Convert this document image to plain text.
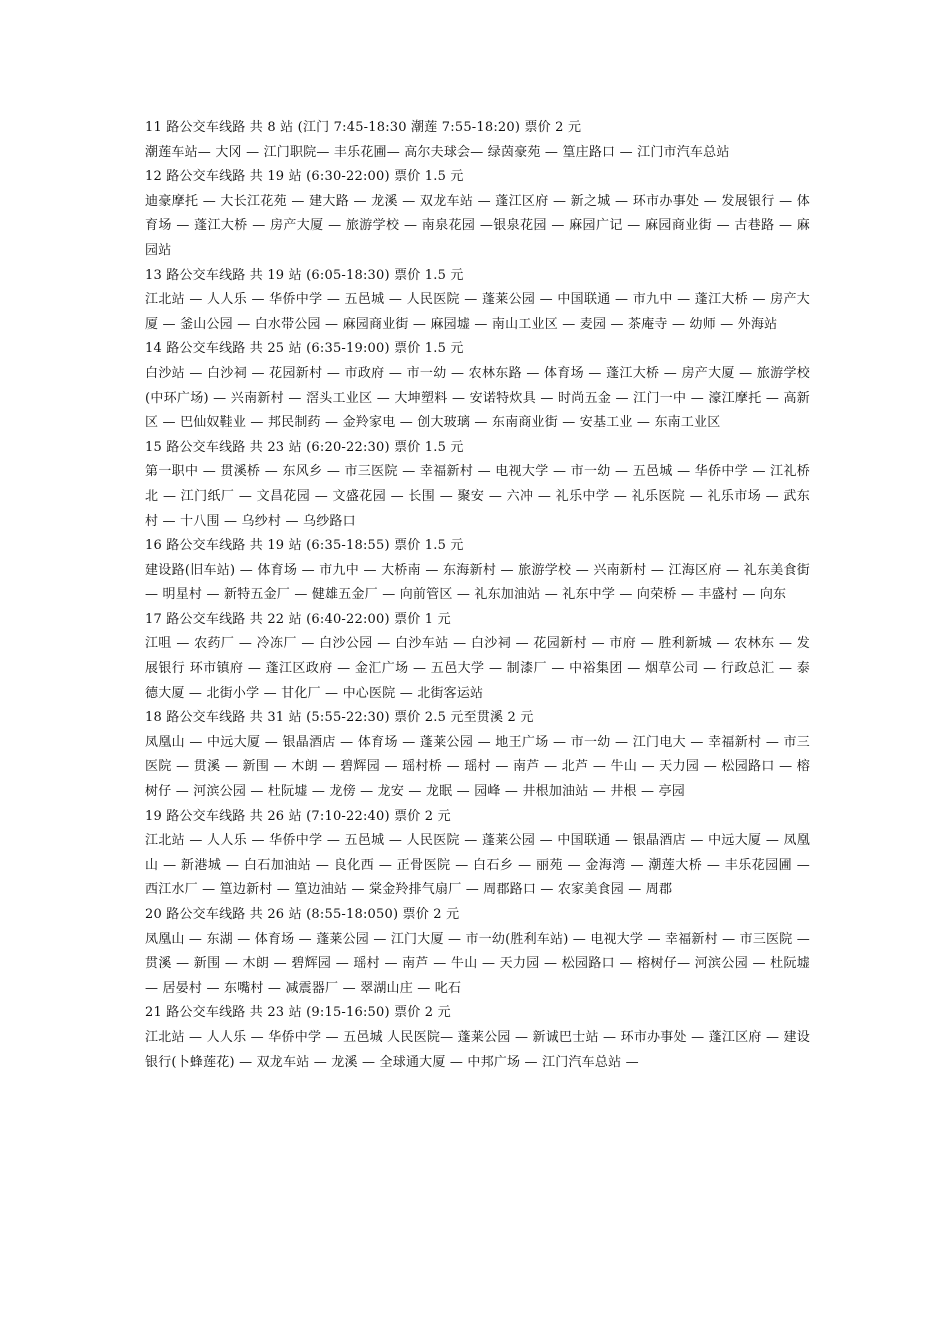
11 路公交车线路 共 8 站 (江门 7:45-18:30 潮莲 7:55-18:20) 票价 2 元

潮莲车站— 大冈 — 江门职院— 丰乐花圃— 高尔夫球会— 绿茵豪苑 — 篁庄路口 — 江门市汽车总站

12 路公交车线路 共 19 站 (6:30-22:00) 票价 1.5 元

迪豪摩托 — 大长江花苑 — 建大路 — 龙溪 — 双龙车站 — 蓬江区府 — 新之城 — 环市办事处 — 发展银行 — 体育场 — 蓬江大桥 — 房产大厦 — 旅游学校 — 南泉花园 —银泉花园 — 麻园广记 — 麻园商业街 — 古巷路 — 麻园站

13 路公交车线路 共 19 站 (6:05-18:30) 票价 1.5 元

江北站 — 人人乐 — 华侨中学 — 五邑城 — 人民医院 — 蓬莱公园 — 中国联通 — 市九中 — 蓬江大桥 — 房产大厦 — 釜山公园 — 白水带公园 — 麻园商业街 — 麻园墟 — 南山工业区 — 麦园 — 茶庵寺 — 幼师 — 外海站

14 路公交车线路 共 25 站 (6:35-19:00) 票价 1.5 元

白沙站 — 白沙祠 — 花园新村 — 市政府 — 市一幼 — 农林东路 — 体育场 — 蓬江大桥 — 房产大厦 — 旅游学校(中环广场) — 兴南新村 — 滘头工业区 — 大坤塑料 — 安诺特炊具 — 时尚五金 — 江门一中 — 濠江摩托 — 高新区 — 巴仙奴鞋业 — 邦民制药 — 金羚家电 — 创大玻璃 — 东南商业街 — 安基工业 — 东南工业区

15 路公交车线路 共 23 站 (6:20-22:30) 票价 1.5 元

第一职中 — 贯溪桥 — 东风乡 — 市三医院 — 幸福新村 — 电视大学 — 市一幼 — 五邑城 — 华侨中学 — 江礼桥北 — 江门纸厂 — 文昌花园 — 文盛花园 — 长围 — 聚安 — 六冲 — 礼乐中学 — 礼乐医院 — 礼乐市场 — 武东村 — 十八围 — 乌纱村 — 乌纱路口

16 路公交车线路 共 19 站 (6:35-18:55) 票价 1.5 元

建设路(旧车站) — 体育场 — 市九中 — 大桥南 — 东海新村 — 旅游学校 — 兴南新村 — 江海区府 — 礼东美食街 — 明星村 — 新特五金厂 — 健雄五金厂 — 向前管区 — 礼东加油站 — 礼东中学 — 向荣桥 — 丰盛村 — 向东

17 路公交车线路 共 22 站 (6:40-22:00) 票价 1 元

江咀 — 农药厂 — 冷冻厂 — 白沙公园 — 白沙车站 — 白沙祠 — 花园新村 — 市府 — 胜利新城 — 农林东 — 发展银行 环市镇府 — 蓬江区政府 — 金汇广场 — 五邑大学 — 制漆厂 — 中裕集团 — 烟草公司 — 行政总汇 — 泰德大厦 — 北街小学 — 甘化厂 — 中心医院 — 北街客运站

18 路公交车线路 共 31 站 (5:55-22:30) 票价 2.5 元至贯溪 2 元

凤凰山 — 中远大厦 — 银晶酒店 — 体育场 — 蓬莱公园 — 地王广场 — 市一幼 — 江门电大 — 幸福新村 — 市三医院 — 贯溪 — 新围 — 木朗 — 碧辉园 — 瑶村桥 — 瑶村 — 南芦 — 北芦 — 牛山 — 天力园 — 松园路口 — 榕树仔 — 河滨公园 — 杜阮墟 — 龙傍 — 龙安 — 龙眠 — 园峰 — 井根加油站 — 井根 — 亭园

19 路公交车线路 共 26 站 (7:10-22:40) 票价 2 元

江北站 — 人人乐 — 华侨中学 — 五邑城 — 人民医院 — 蓬莱公园 — 中国联通 — 银晶酒店 — 中远大厦 — 凤凰山 — 新港城 — 白石加油站 — 良化西 — 正骨医院 — 白石乡 — 丽苑 — 金海湾 — 潮莲大桥 — 丰乐花园圃 — 西江水厂 — 篁边新村 — 篁边油站 — 棠金羚排气扇厂 — 周郡路口 — 农家美食园 — 周郡

20 路公交车线路 共 26 站 (8:55-18:050) 票价 2 元

凤凰山 — 东湖 — 体育场 — 蓬莱公园 — 江门大厦 — 市一幼(胜利车站) — 电视大学 — 幸福新村 — 市三医院 — 贯溪 — 新围 — 木朗 — 碧辉园 — 瑶村 — 南芦 — 牛山 — 天力园 — 松园路口 — 榕树仔— 河滨公园 — 杜阮墟 — 居晏村 — 东嘴村 — 减震器厂 — 翠湖山庄 — 叱石

21 路公交车线路 共 23 站 (9:15-16:50) 票价 2 元

江北站 — 人人乐 — 华侨中学 — 五邑城 人民医院— 蓬莱公园 — 新诚巴士站 — 环市办事处 — 蓬江区府 — 建设银行(卜蜂莲花) — 双龙车站 — 龙溪 — 全球通大厦 — 中邦广场 — 江门汽车总站 —
